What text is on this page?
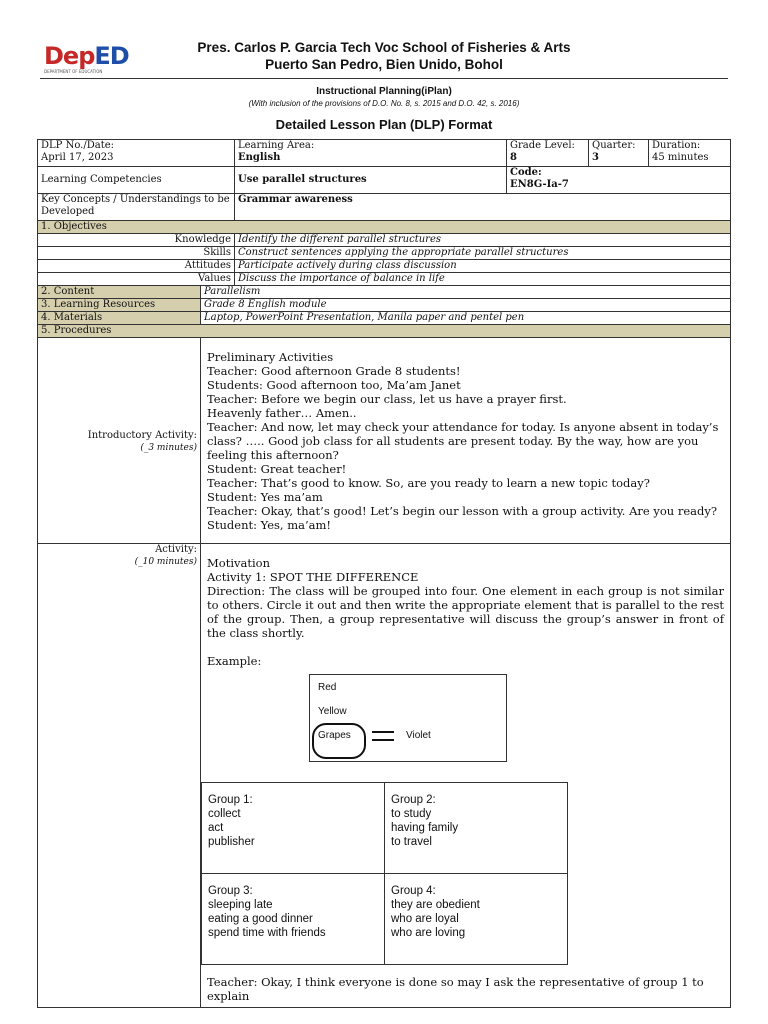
DepED
DEPARTMENT OF EDUCATION
Pres. Carlos P. Garcia Tech Voc School of Fisheries & Arts
Puerto San Pedro, Bien Unido, Bohol
Instructional Planning(iPlan)
(With inclusion of the provisions of D.O. No. 8, s. 2015 and D.O. 42, s. 2016)
Detailed Lesson Plan (DLP) Format
DLP No./Date:
April 17, 2023

Learning Area:
English

Grade Level:
8

Quarter:
3

Duration:
45 minutes

Learning Competencies	Use parallel structures	
Code:
EN8G-Ia-7

Key Concepts / Understandings to be Developed	Grammar awareness
1. Objectives
Knowledge	Identify the different parallel structures
Skills	Construct sentences applying the appropriate parallel structures
Attitudes	Participate actively during class discussion
Values	Discuss the importance of balance in life
2. Content	Parallelism
3. Learning Resources	Grade 8 English module
4. Materials	Laptop, PowerPoint Presentation, Manila paper and pentel pen
5. Procedures

Introductory Activity:
(_3 minutes)

Preliminary Activities
Teacher: Good afternoon Grade 8 students!
Students: Good afternoon too, Ma’am Janet
Teacher: Before we begin our class, let us have a prayer first.
Heavenly father… Amen..
Teacher: And now, let may check your attendance for today. Is anyone absent in today’s class? ….. Good job class for all students are present today. By the way, how are you feeling this afternoon?
Student: Great teacher!
Teacher: That’s good to know. So, are you ready to learn a new topic today?
Student: Yes ma’am
Teacher: Okay, that’s good! Let’s begin our lesson with a group activity. Are you ready?
Student: Yes, ma’am!

Activity:
(_10 minutes)	Motivation
Activity 1: SPOT THE DIFFERENCE
Direction: The class will be grouped into four. One element in each group is not similar to others. Circle it out and then write the appropriate element that is parallel to the rest of the group. Then, a group representative will discuss the group’s answer in front of the class shortly.
Example:
Red
Yellow
Grapes	Violet
Group 1:
collect
act
publisher

Group 2:
to study
having family
to travel

Group 3:
sleeping late
eating a good dinner
spend time with friends

Group 4:
they are obedient
who are loyal
who are loving
Teacher: Okay, I think everyone is done so may I ask the representative of group 1 to explain
